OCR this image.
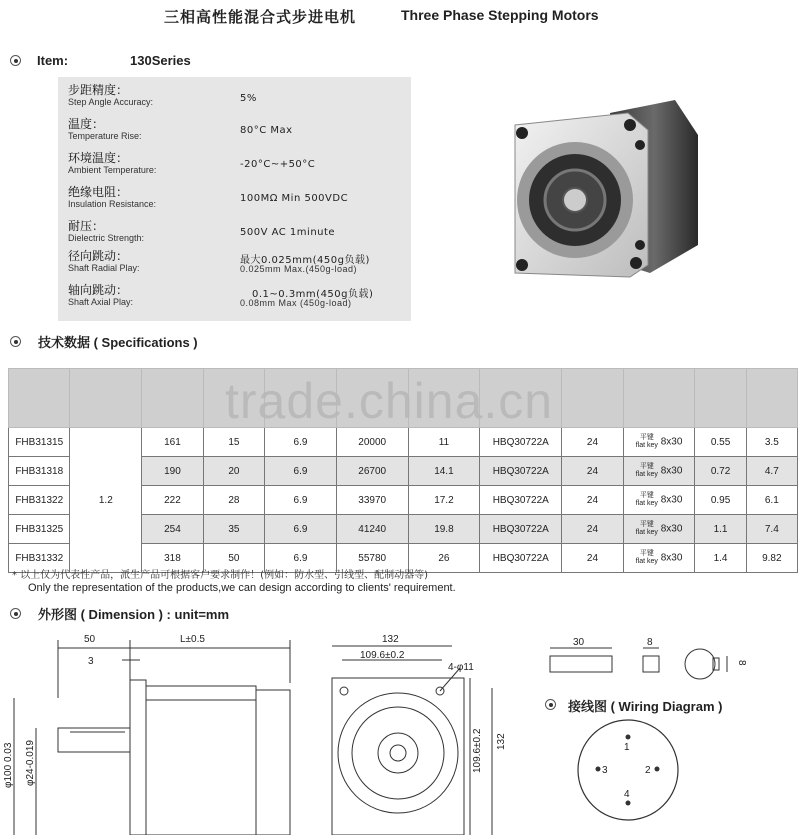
三相高性能混合式步进电机	Three Phase Stepping Motors
Item:	130Series
步距精度：
Step Angle Accuracy:	5%
温度：
Temperature Rise:	80°C Max
环境温度：
Ambient Temperature:	-20°C~+50°C
绝缘电阻：
Insulation Resistance:	100MΩ Min 500VDC
耐压：
Dielectric Strength:	500V AC 1minute
径向跳动：
Shaft Radial Play:
最大0.025mm(450g负载)
0.025mm Max.(450g-load)
轴向跳动：
Shaft Axial Play:
0.1~0.3mm(450g负载)
0.08mm Max (450g-load)
技术数据 ( Specifications )

FHB31315	1.2	161	15	6.9	20000	11	HBQ30722A	24	平键
flat key 8x30	0.55	3.5
FHB31318		190	20	6.9	26700	14.1	HBQ30722A	24	平键
flat key 8x30	0.72	4.7
FHB31322		222	28	6.9	33970	17.2	HBQ30722A	24	平键
flat key 8x30	0.95	6.1
FHB31325		254	35	6.9	41240	19.8	HBQ30722A	24	平键
flat key 8x30	1.1	7.4
FHB31332		318	50	6.9	55780	26	HBQ30722A	24	平键
flat key 8x30	1.4	9.82
trade.china.cn
* 以上仅为代表性产品，派生产品可根据客户要求制作！(例如：防水型、引线型、配制动器等)
Only the representation of the products,we can design according to clients' requirement.
外形图 ( Dimension ) : unit=mm
50
3
L±0.5
φ100 0.03 φ24-0.019
132
109.6±0.2
4-φ11
109.6±0.2 132
30	8
8
接线图 ( Wiring Diagram )
1
2
3
4
